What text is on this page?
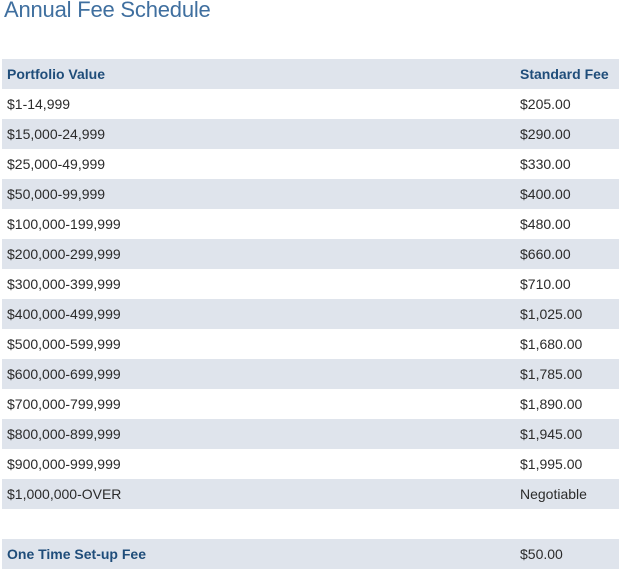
Annual Fee Schedule
Portfolio Value	Standard Fee
$1-14,999	$205.00
$15,000-24,999	$290.00
$25,000-49,999	$330.00
$50,000-99,999	$400.00
$100,000-199,999	$480.00
$200,000-299,999	$660.00
$300,000-399,999	$710.00
$400,000-499,999	$1,025.00
$500,000-599,999	$1,680.00
$600,000-699,999	$1,785.00
$700,000-799,999	$1,890.00
$800,000-899,999	$1,945.00
$900,000-999,999	$1,995.00
$1,000,000-OVER	Negotiable
One Time Set-up Fee	$50.00
